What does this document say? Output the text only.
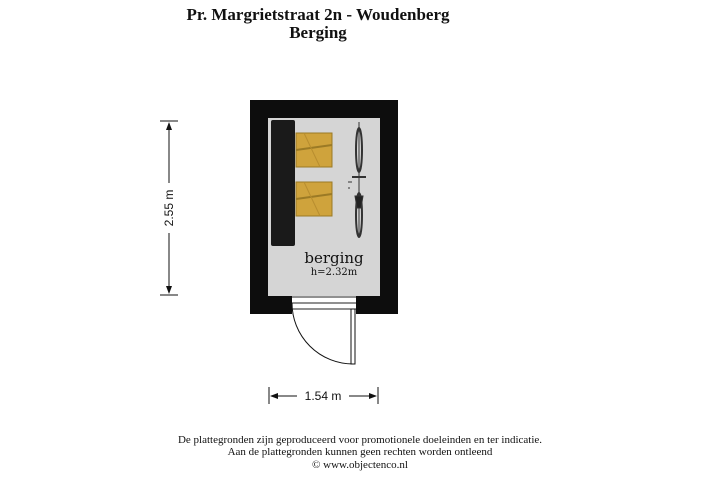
Pr. Margrietstraat 2n - Woudenberg
Berging
berging
h=2.32m
2.55 m
1.54 m
De plattegronden zijn geproduceerd voor promotionele doeleinden en ter indicatie.
Aan de plattegronden kunnen geen rechten worden ontleend
© www.objectenco.nl
